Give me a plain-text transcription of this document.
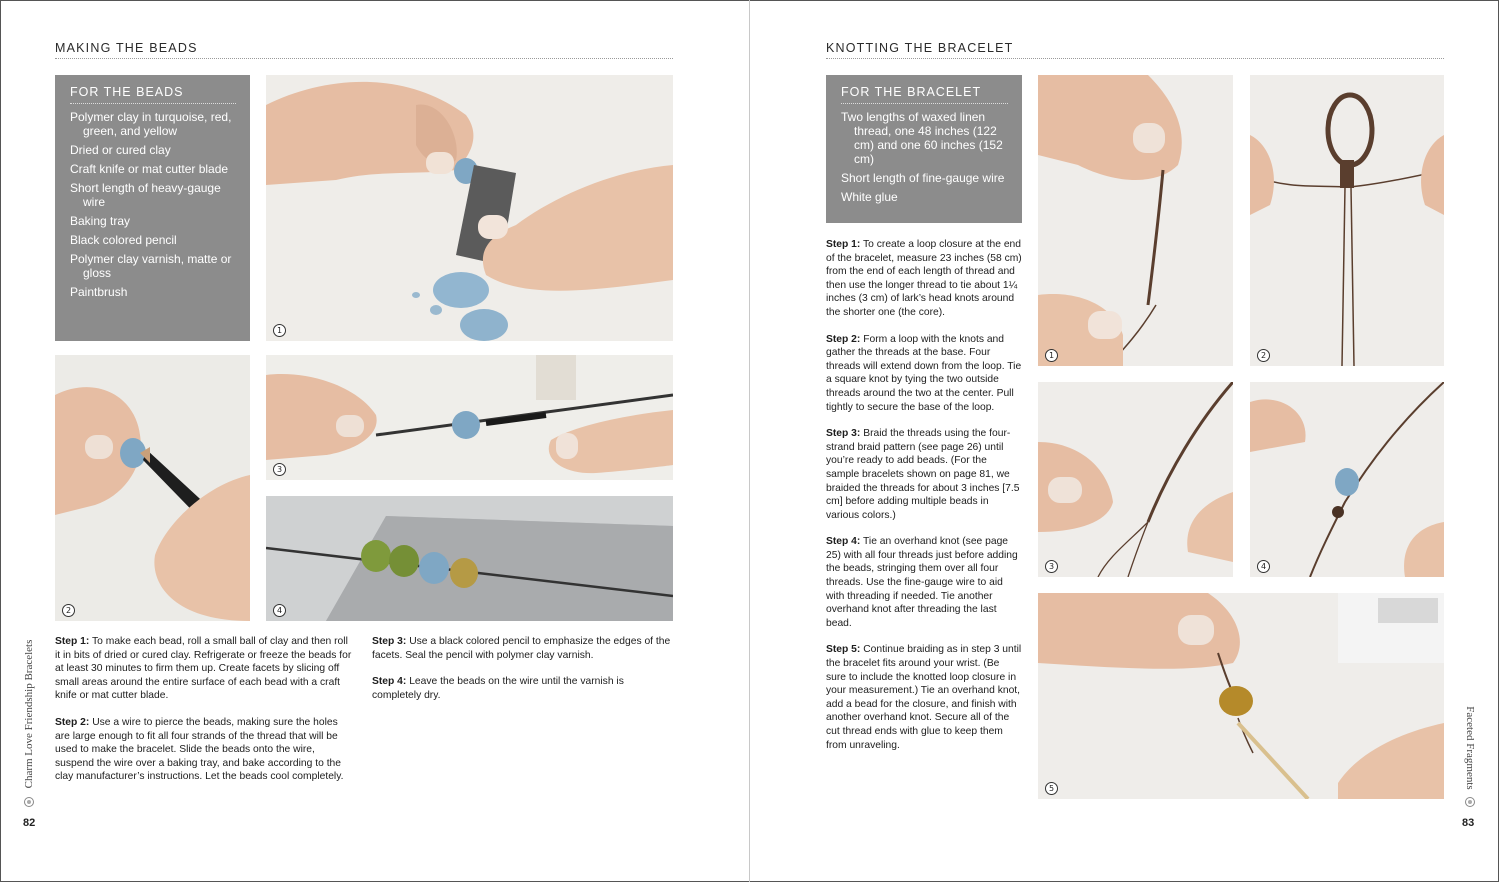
MAKING THE BEADS
FOR THE BEADS
Polymer clay in turquoise, red, green, and yellow
Dried or cured clay
Craft knife or mat cutter blade
Short length of heavy-gauge wire
Baking tray
Black colored pencil
Polymer clay varnish, matte or gloss
Paintbrush
1
2
3
4

Step 1: To make each bead, roll a small ball of clay and then roll it in bits of dried or cured clay. Refrigerate or freeze the beads for at least 30 minutes to firm them up. Create facets by slicing off small areas around the entire surface of each bead with a craft knife or mat cutter blade.

Step 2: Use a wire to pierce the beads, making sure the holes are large enough to fit all four strands of the thread that will be used to make the bracelet. Slide the beads onto the wire, suspend the wire over a baking tray, and bake according to the clay manufacturer’s instructions. Let the beads cool completely.

Step 3: Use a black colored pencil to emphasize the edges of the facets. Seal the pencil with polymer clay varnish.

Step 4: Leave the beads on the wire until the varnish is completely dry.

Charm Love Friendship Bracelets
82
KNOTTING THE BRACELET
FOR THE BRACELET
Two lengths of waxed linen thread, one 48 inches (122 cm) and one 60 inches (152 cm)
Short length of fine-gauge wire
White glue

Step 1: To create a loop closure at the end of the bracelet, measure 23 inches (58 cm) from the end of each length of thread and then use the longer thread to tie about 1¼ inches (3 cm) of lark’s head knots around the shorter one (the core).

Step 2: Form a loop with the knots and gather the threads at the base. Four threads will extend down from the loop. Tie a square knot by tying the two outside threads around the two at the center. Pull tightly to secure the base of the loop.

Step 3: Braid the threads using the four-strand braid pattern (see page 26) until you’re ready to add beads. (For the sample bracelets shown on page 81, we braided the threads for about 3 inches [7.5 cm] before adding multiple beads in various colors.)

Step 4: Tie an overhand knot (see page 25) with all four threads just before adding the beads, stringing them over all four threads. Use the fine-gauge wire to aid with threading if needed. Tie another overhand knot after threading the last bead.

Step 5: Continue braiding as in step 3 until the bracelet fits around your wrist. (Be sure to include the knotted loop closure in your measurement.) Tie an overhand knot, add a bead for the closure, and finish with another overhand knot. Secure all of the cut thread ends with glue to keep them from unraveling.

1	2
3	4
5	Faceted Fragments
83
